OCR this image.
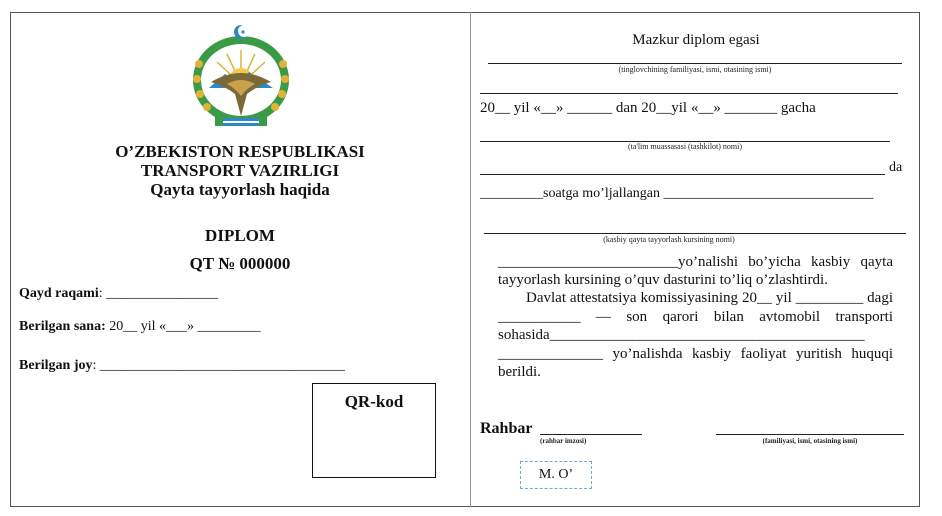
O’ZBEKISTON RESPUBLIKASI
TRANSPORT VAZIRLIGI
Qayta tayyorlash haqida
DIPLOM
QT № 000000
Qayd raqami: ________________
Berilgan sana: 20__ yil «___» _________
Berilgan joy: ___________________________________
QR-kod
Mazkur diplom egasi
(tinglovchining familiyasi, ismi, otasining ismi)
20__ yil «__» ______ dan 20__yil «__» _______ gacha
(ta'lim muassasasi (tashkilot) nomi)
da
_________soatga mo’ljallangan ______________________________
(kasbiy qayta tayyorlash kursining nomi)
________________________yo’nalishi bo’yicha kasbiy qayta tayyorlash kursining o’quv dasturini to’liq o’zlashtirdi.
Davlat attestatsiya komissiyasining 20__ yil _________ dagi ___________ — son qarori bilan avtomobil transporti sohasida__________________________________________ ______________ yo’nalishda kasbiy faoliyat yuritish huquqi berildi.
Rahbar
(rahbar imzosi)	(familiyasi, ismi, otasining ismi)
M. O’
